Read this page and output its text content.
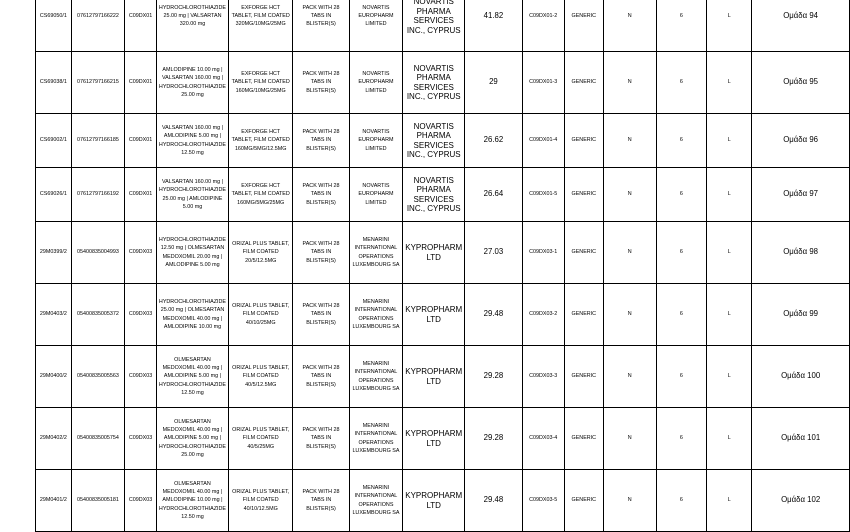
CS69050/1	07612797166222	C09DX01	HYDROCHLOROTHIAZIDE 25.00 mg | VALSARTAN 320.00 mg	EXFORGE HCT TABLET, FILM COATED 320MG/10MG/25MG	PACK WITH 28 TABS IN BLISTER(S)	NOVARTIS EUROPHARM LIMITED	NOVARTIS PHARMA SERVICES INC., CYPRUS	41.82	C09DX01-2	GENERIC	N	6	L	Ομάδα 94
CS69038/1	07612797166215	C09DX01	AMLODIPINE 10.00 mg | VALSARTAN 160.00 mg | HYDROCHLOROTHIAZIDE 25.00 mg	EXFORGE HCT TABLET, FILM COATED 160MG/10MG/25MG	PACK WITH 28 TABS IN BLISTER(S)	NOVARTIS EUROPHARM LIMITED	NOVARTIS PHARMA SERVICES INC., CYPRUS	29	C09DX01-3	GENERIC	N	6	L	Ομάδα 95
CS69002/1	07612797166185	C09DX01	VALSARTAN 160.00 mg | AMLODIPINE 5.00 mg | HYDROCHLOROTHIAZIDE 12.50 mg	EXFORGE HCT TABLET, FILM COATED 160MG/5MG/12.5MG	PACK WITH 28 TABS IN BLISTER(S)	NOVARTIS EUROPHARM LIMITED	NOVARTIS PHARMA SERVICES INC., CYPRUS	26.62	C09DX01-4	GENERIC	N	6	L	Ομάδα 96
CS69026/1	07612797166192	C09DX01	VALSARTAN 160.00 mg | HYDROCHLOROTHIAZIDE 25.00 mg | AMLODIPINE 5.00 mg	EXFORGE HCT TABLET, FILM COATED 160MG/5MG/25MG	PACK WITH 28 TABS IN BLISTER(S)	NOVARTIS EUROPHARM LIMITED	NOVARTIS PHARMA SERVICES INC., CYPRUS	26.64	C09DX01-5	GENERIC	N	6	L	Ομάδα 97
29M0399/2	05400835004993	C09DX03	HYDROCHLOROTHIAZIDE 12.50 mg | OLMESARTAN MEDOXOMIL 20.00 mg | AMLODIPINE 5.00 mg	ORIZAL PLUS TABLET, FILM COATED 20/5/12.5MG	PACK WITH 28 TABS IN BLISTER(S)	MENARINI INTERNATIONAL OPERATIONS LUXEMBOURG SA	KYPROPHARM LTD	27.03	C09DX03-1	GENERIC	N	6	L	Ομάδα 98
29M0403/2	05400835005372	C09DX03	HYDROCHLOROTHIAZIDE 25.00 mg | OLMESARTAN MEDOXOMIL 40.00 mg | AMLODIPINE 10.00 mg	ORIZAL PLUS TABLET, FILM COATED 40/10/25MG	PACK WITH 28 TABS IN BLISTER(S)	MENARINI INTERNATIONAL OPERATIONS LUXEMBOURG SA	KYPROPHARM LTD	29.48	C09DX03-2	GENERIC	N	6	L	Ομάδα 99
29M0400/2	05400835005563	C09DX03	OLMESARTAN MEDOXOMIL 40.00 mg | AMLODIPINE 5.00 mg | HYDROCHLOROTHIAZIDE 12.50 mg	ORIZAL PLUS TABLET, FILM COATED 40/5/12.5MG	PACK WITH 28 TABS IN BLISTER(S)	MENARINI INTERNATIONAL OPERATIONS LUXEMBOURG SA	KYPROPHARM LTD	29.28	C09DX03-3	GENERIC	N	6	L	Ομάδα 100
29M0402/2	05400835005754	C09DX03	OLMESARTAN MEDOXOMIL 40.00 mg | AMLODIPINE 5.00 mg | HYDROCHLOROTHIAZIDE 25.00 mg	ORIZAL PLUS TABLET, FILM COATED 40/5/25MG	PACK WITH 28 TABS IN BLISTER(S)	MENARINI INTERNATIONAL OPERATIONS LUXEMBOURG SA	KYPROPHARM LTD	29.28	C09DX03-4	GENERIC	N	6	L	Ομάδα 101
29M0401/2	05400835005181	C09DX03	OLMESARTAN MEDOXOMIL 40.00 mg | AMLODIPINE 10.00 mg | HYDROCHLOROTHIAZIDE 12.50 mg	ORIZAL PLUS TABLET, FILM COATED 40/10/12.5MG	PACK WITH 28 TABS IN BLISTER(S)	MENARINI INTERNATIONAL OPERATIONS LUXEMBOURG SA	KYPROPHARM LTD	29.48	C09DX03-5	GENERIC	N	6	L	Ομάδα 102
